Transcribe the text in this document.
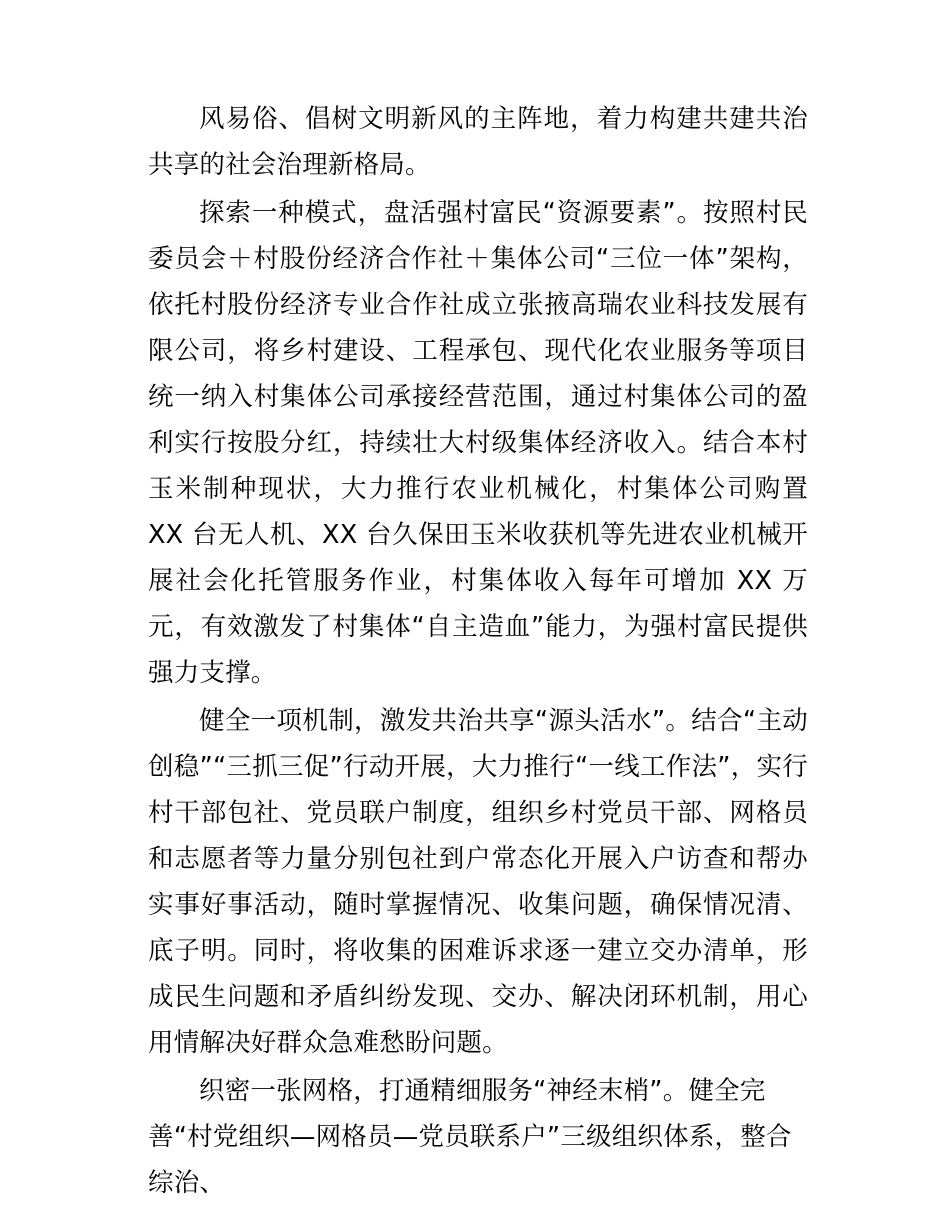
风易俗、倡树文明新风的主阵地，着力构建共建共治共享的社会治理新格局。

探索一种模式，盘活强村富民“资源要素”。按照村民委员会＋村股份经济合作社＋集体公司“三位一体”架构，依托村股份经济专业合作社成立张掖高瑞农业科技发展有限公司，将乡村建设、工程承包、现代化农业服务等项目统一纳入村集体公司承接经营范围，通过村集体公司的盈利实行按股分红，持续壮大村级集体经济收入。结合本村玉米制种现状，大力推行农业机械化，村集体公司购置 XX 台无人机、XX 台久保田玉米收获机等先进农业机械开展社会化托管服务作业，村集体收入每年可增加 XX 万元，有效激发了村集体“自主造血”能力，为强村富民提供强力支撑。

健全一项机制，激发共治共享“源头活水”。结合“主动创稳”“三抓三促”行动开展，大力推行“一线工作法”，实行村干部包社、党员联户制度，组织乡村党员干部、网格员和志愿者等力量分别包社到户常态化开展入户访查和帮办实事好事活动，随时掌握情况、收集问题，确保情况清、底子明。同时，将收集的困难诉求逐一建立交办清单，形成民生问题和矛盾纠纷发现、交办、解决闭环机制，用心用情解决好群众急难愁盼问题。

织密一张网格，打通精细服务“神经末梢”。健全完善“村党组织—网格员—党员联系户”三级组织体系，整合综治、
